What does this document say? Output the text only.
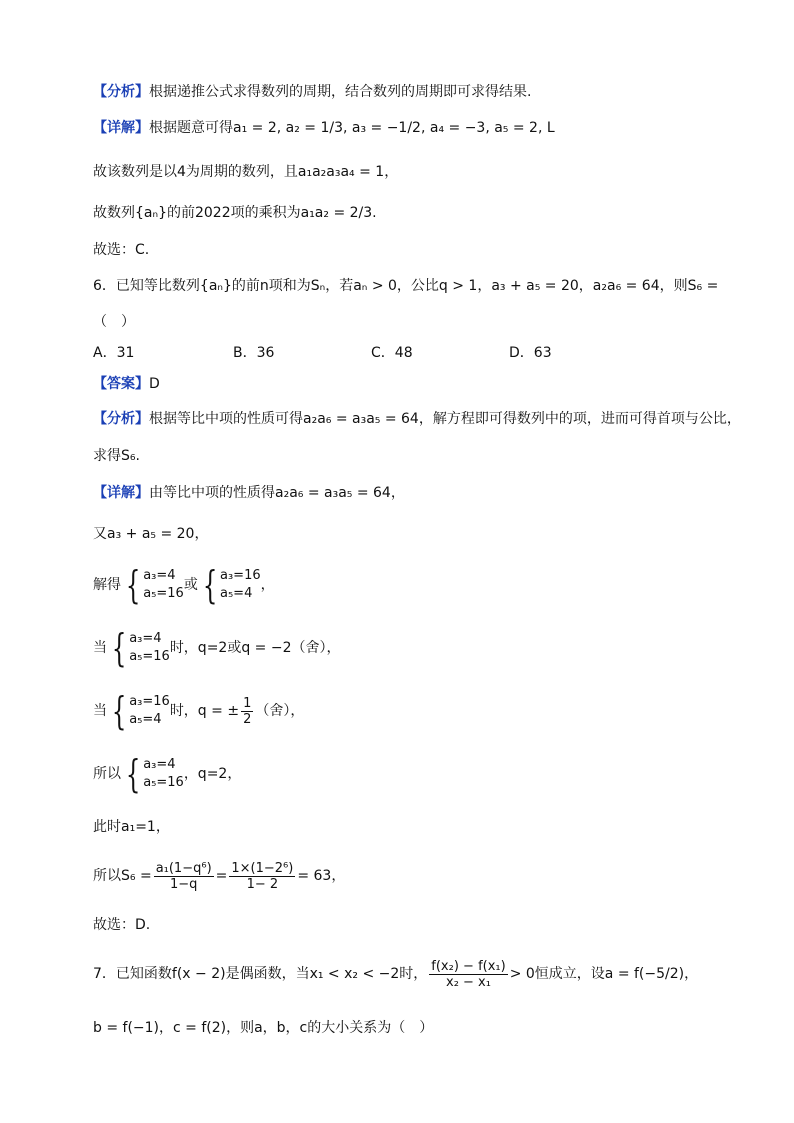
【分析】根据递推公式求得数列的周期，结合数列的周期即可求得结果.
【详解】根据题意可得a₁ = 2, a₂ = 1/3, a₃ = −1/2, a₄ = −3, a₅ = 2, L
故该数列是以4为周期的数列，且a₁a₂a₃a₄ = 1，
故数列{aₙ}的前2022项的乘积为a₁a₂ = 2/3.
故选：C.
6．已知等比数列{aₙ}的前n项和为Sₙ，若aₙ > 0，公比q > 1，a₃ + a₅ = 20，a₂a₆ = 64，则S₆ =
（　）
A．31	B．36	C．48	D．63
【答案】D
【分析】根据等比中项的性质可得a₂a₆ = a₃a₅ = 64，解方程即可得数列中的项，进而可得首项与公比，
求得S₆.
【详解】由等比中项的性质得a₂a₆ = a₃a₅ = 64，
又a₃ + a₅ = 20，
解得 { a₃=4
a₅=16
或 { a₃=16
a₅=4
，
当 { a₃=4
a₅=16
时，q=2或q = −2（舍），
当 { a₃=16
a₅=4
时，q = ± $\frac{1}{2}$ （舍），
所以 { a₃=4
a₅=16
，q=2，
此时a₁=1，
所以$S_6 = \frac{\text{a₁(1−q⁶)}}{1-q} = \frac{\text{1×(1−2⁶)}}{1- 2} = 63$，
故选：D.
7．已知函数f(x − 2)是偶函数，当x₁ < x₂ < −2时， $\frac{\text{f(x₂) − f(x₁)}}{\text{x₂ − x₁}} > 0$恒成立，设a = f(−5/2)，
b = f(−1)，c = f(2)，则a，b，c的大小关系为（　）
